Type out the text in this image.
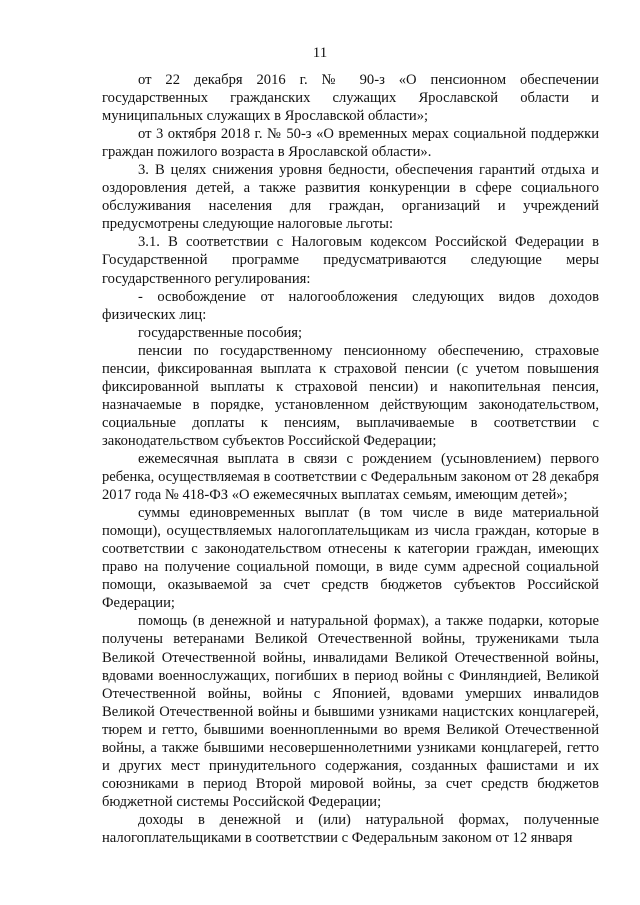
11

от 22 декабря 2016 г. № 90-з «О пенсионном обеспечении государственных гражданских служащих Ярославской области и муниципальных служащих в Ярославской области»;

от 3 октября 2018 г. № 50-з «О временных мерах социальной поддержки граждан пожилого возраста в Ярославской области».

3. В целях снижения уровня бедности, обеспечения гарантий отдыха и оздоровления детей, а также развития конкуренции в сфере социального обслуживания населения для граждан, организаций и учреждений предусмотрены следующие налоговые льготы:

3.1. В соответствии с Налоговым кодексом Российской Федерации в Государственной программе предусматриваются следующие меры государственного регулирования:

- освобождение от налогообложения следующих видов доходов физических лиц:

государственные пособия;

пенсии по государственному пенсионному обеспечению, страховые пенсии, фиксированная выплата к страховой пенсии (с учетом повышения фиксированной выплаты к страховой пенсии) и накопительная пенсия, назначаемые в порядке, установленном действующим законодательством, социальные доплаты к пенсиям, выплачиваемые в соответствии с законодательством субъектов Российской Федерации;

ежемесячная выплата в связи с рождением (усыновлением) первого ребенка, осуществляемая в соответствии с Федеральным законом от 28 декабря 2017 года № 418-ФЗ «О ежемесячных выплатах семьям, имеющим детей»;

суммы единовременных выплат (в том числе в виде материальной помощи), осуществляемых налогоплательщикам из числа граждан, которые в соответствии с законодательством отнесены к категории граждан, имеющих право на получение социальной помощи, в виде сумм адресной социальной помощи, оказываемой за счет средств бюджетов субъектов Российской Федерации;

помощь (в денежной и натуральной формах), а также подарки, которые получены ветеранами Великой Отечественной войны, тружениками тыла Великой Отечественной войны, инвалидами Великой Отечественной войны, вдовами военнослужащих, погибших в период войны с Финляндией, Великой Отечественной войны, войны с Японией, вдовами умерших инвалидов Великой Отечественной войны и бывшими узниками нацистских концлагерей, тюрем и гетто, бывшими военнопленными во время Великой Отечественной войны, а также бывшими несовершеннолетними узниками концлагерей, гетто и других мест принудительного содержания, созданных фашистами и их союзниками в период Второй мировой войны, за счет средств бюджетов бюджетной системы Российской Федерации;

доходы в денежной и (или) натуральной формах, полученные налогоплательщиками в соответствии с Федеральным законом от 12 января
